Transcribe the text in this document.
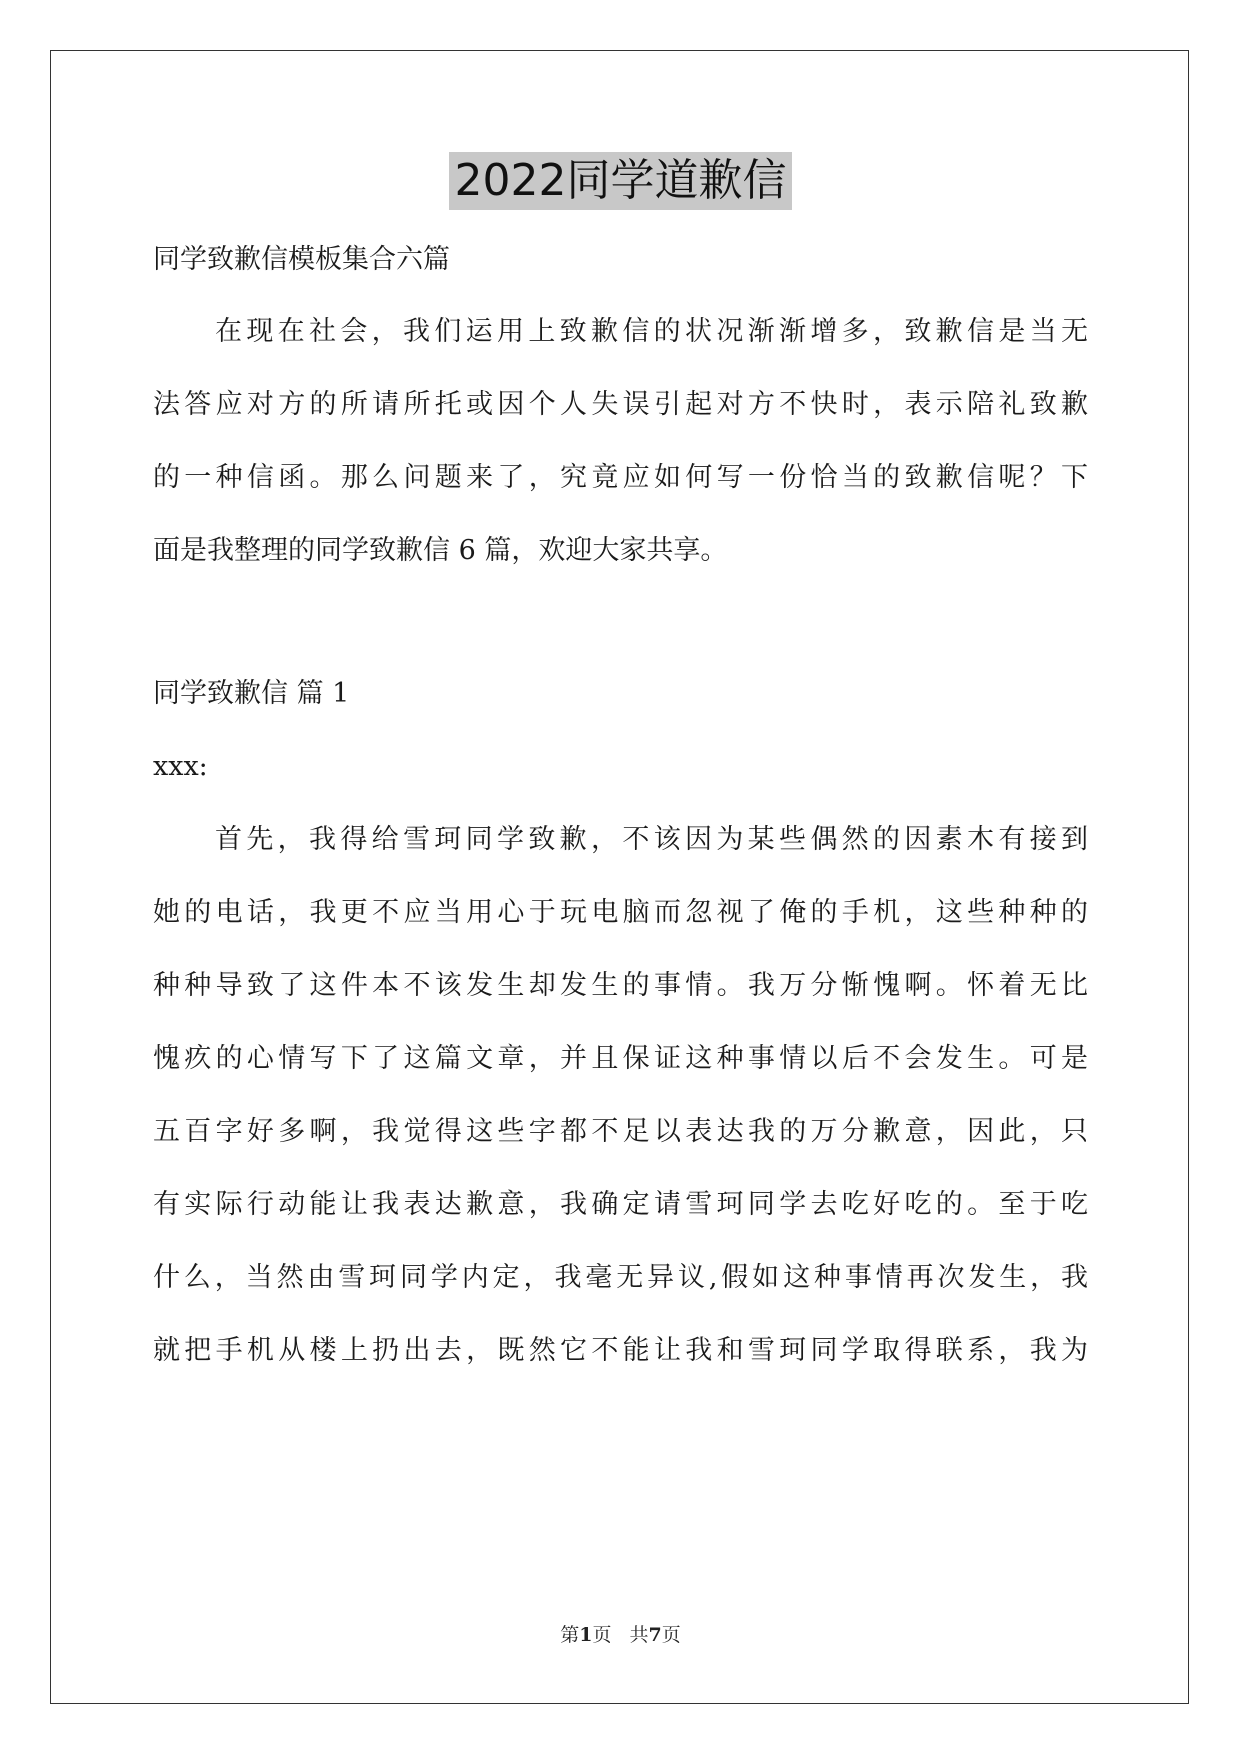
2022同学道歉信
同学致歉信模板集合六篇
在现在社会，我们运用上致歉信的状况渐渐增多，致歉信是当无
法答应对方的所请所托或因个人失误引起对方不快时，表示陪礼致歉
的一种信函。那么问题来了，究竟应如何写一份恰当的致歉信呢？下
面是我整理的同学致歉信 6 篇，欢迎大家共享。
同学致歉信 篇 1
xxx:
首先，我得给雪珂同学致歉，不该因为某些偶然的因素木有接到
她的电话，我更不应当用心于玩电脑而忽视了俺的手机，这些种种的
种种导致了这件本不该发生却发生的事情。我万分惭愧啊。怀着无比
愧疚的心情写下了这篇文章，并且保证这种事情以后不会发生。可是
五百字好多啊，我觉得这些字都不足以表达我的万分歉意，因此，只
有实际行动能让我表达歉意，我确定请雪珂同学去吃好吃的。至于吃
什么，当然由雪珂同学内定，我毫无异议,假如这种事情再次发生，我
就把手机从楼上扔出去，既然它不能让我和雪珂同学取得联系，我为
第1页 共7页
